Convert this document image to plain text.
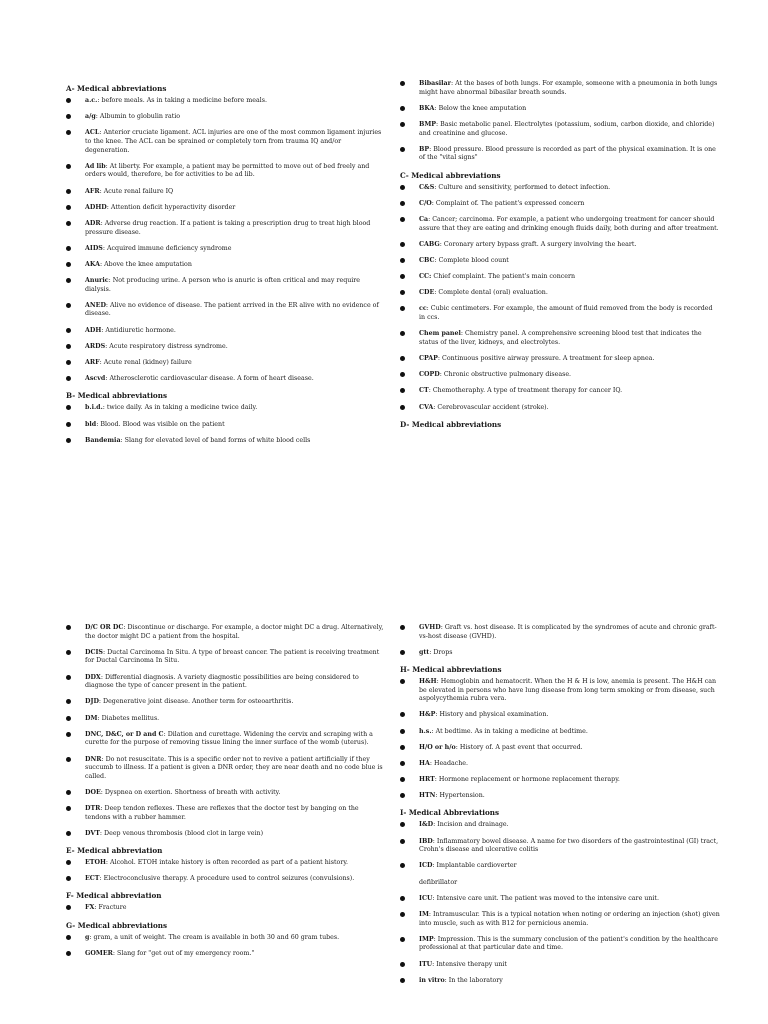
A- Medical abbreviations
a.c.: before meals. As in taking a medicine before meals.
a/g: Albumin to globulin ratio
ACL: Anterior cruciate ligament. ACL injuries are one of the most common ligament injuries to the knee. The ACL can be sprained or completely torn from trauma IQ and/or degeneration.
Ad lib: At liberty. For example, a patient may be permitted to move out of bed freely and orders would, therefore, be for activities to be ad lib.
AFR: Acute renal failure IQ
ADHD: Attention deficit hyperactivity disorder
ADR: Adverse drug reaction. If a patient is taking a prescription drug to treat high blood pressure disease.
AIDS: Acquired immune deficiency syndrome
AKA: Above the knee amputation
Anuric: Not producing urine. A person who is anuric is often critical and may require dialysis.
ANED: Alive no evidence of disease. The patient arrived in the ER alive with no evidence of disease.
ADH: Antidiuretic hormone.
ARDS: Acute respiratory distress syndrome.
ARF: Acute renal (kidney) failure
Ascvd: Atherosclerotic cardiovascular disease. A form of heart disease.
B- Medical abbreviations
b.i.d.: twice daily. As in taking a medicine twice daily.
bld: Blood. Blood was visible on the patient
Bandemia: Slang for elevated level of band forms of white blood cells
Bibasilar: At the bases of both lungs. For example, someone with a pneumonia in both lungs might have abnormal bibasilar breath sounds.
BKA: Below the knee amputation
BMP: Basic metabolic panel. Electrolytes (potassium, sodium, carbon dioxide, and chloride) and creatinine and glucose.
BP: Blood pressure. Blood pressure is recorded as part of the physical examination. It is one of the "vital signs"
C- Medical abbreviations
C&S: Culture and sensitivity, performed to detect infection.
C/O: Complaint of. The patient's expressed concern
Ca: Cancer; carcinoma. For example, a patient who undergoing treatment for cancer should assure that they are eating and drinking enough fluids daily, both during and after treatment.
CABG: Coronary artery bypass graft. A surgery involving the heart.
CBC: Complete blood count
CC: Chief complaint. The patient's main concern
CDE: Complete dental (oral) evaluation.
cc: Cubic centimeters. For example, the amount of fluid removed from the body is recorded in ccs.
Chem panel: Chemistry panel. A comprehensive screening blood test that indicates the status of the liver, kidneys, and electrolytes.
CPAP: Continuous positive airway pressure. A treatment for sleep apnea.
COPD: Chronic obstructive pulmonary disease.
CT: Chemotheraphy. A type of treatment therapy for cancer IQ.
CVA: Cerebrovascular accident (stroke).
D- Medical abbreviations
D/C OR DC: Discontinue or discharge. For example, a doctor might DC a drug. Alternatively, the doctor might DC a patient from the hospital.
DCIS: Ductal Carcinoma In Situ. A type of breast cancer. The patient is receiving treatment for Ductal Carcinoma In Situ.
DDX: Differential diagnosis. A variety diagnostic possibilities are being considered to diagnose the type of cancer present in the patient.
DJD: Degenerative joint disease. Another term for osteoarthritis.
DM: Diabetes mellitus.
DNC, D&C, or D and C: Dilation and curettage. Widening the cervix and scraping with a curette for the purpose of removing tissue lining the inner surface of the womb (uterus).
DNR: Do not resuscitate. This is a specific order not to revive a patient artificially if they succumb to illness. If a patient is given a DNR order, they are near death and no code blue is called.
DOE: Dyspnea on exertion. Shortness of breath with activity.
DTR: Deep tendon reflexes. These are reflexes that the doctor test by banging on the tendons with a rubber hammer.
DVT: Deep venous thrombosis (blood clot in large vein)
E- Medical abbreviation
ETOH: Alcohol. ETOH intake history is often recorded as part of a patient history.
ECT: Electroconclusive therapy. A procedure used to control seizures (convulsions).
F- Medical abbreviation
FX: Fracture
G- Medical abbreviations
g: gram, a unit of weight. The cream is available in both 30 and 60 gram tubes.
GOMER: Slang for "get out of my emergency room."
GVHD: Graft vs. host disease. It is complicated by the syndromes of acute and chronic graft-vs-host disease (GVHD).
gtt: Drops
H- Medical abbreviations
H&H: Hemoglobin and hematocrit. When the H & H is low, anemia is present. The H&H can be elevated in persons who have lung disease from long term smoking or from disease, such aspolycythemia rubra vera.
H&P: History and physical examination.
h.s.: At bedtime. As in taking a medicine at bedtime.
H/O or h/o: History of. A past event that occurred.
HA: Headache.
HRT: Hormone replacement or hormone replacement therapy.
HTN: Hypertension.
I- Medical Abbreviations
I&D: Incision and drainage.
IBD: Inflammatory bowel disease. A name for two disorders of the gastrointestinal (GI) tract, Crohn's disease and ulcerative colitis
ICD: Implantable cardioverter
defibrillator
ICU: Intensive care unit. The patient was moved to the intensive care unit.
IM: Intramuscular. This is a typical notation when noting or ordering an injection (shot) given into muscle, such as with B12 for pernicious anemia.
IMP: Impression. This is the summary conclusion of the patient's condition by the healthcare professional at that particular date and time.
ITU: Intensive therapy unit
in vitro: In the laboratory
